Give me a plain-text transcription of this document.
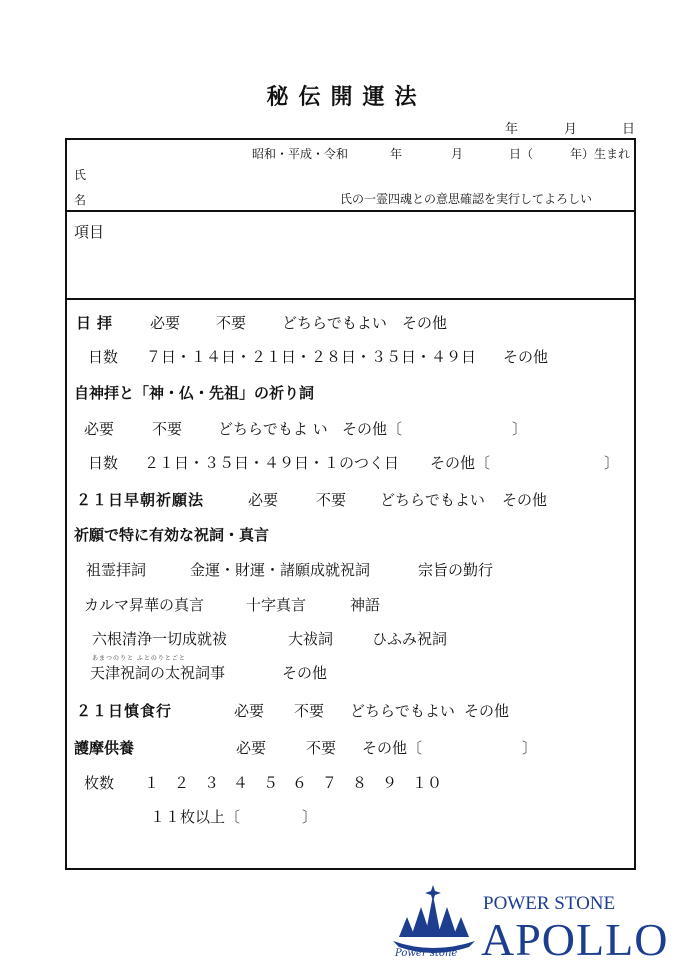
秘伝開運法
年	月	日
昭和・平成・令和	年	月	日（	年）生まれ
氏
名	氏の一霊四魂との意思確認を実行してよろしい
項目
日拝 必要 不要 どちらでもよい その他
日数 ７日・１４日・２１日・２８日・３５日・４９日 その他
自神拝と「神・仏・先祖」の祈り詞
必要	不要 どちらでもよ い その他〔	〕
日数 ２１日・３５日・４９日・１のつく日 その他〔	〕
２１日早朝祈願法	必要	不要 どちらでもよい その他
祈願で特に有効な祝詞・真言
祖霊拝詞	金運・財運・諸願成就祝詞	宗旨の勤行
カルマ昇華の真言	十字真言	神語
六根清浄一切成就祓	大祓詞	ひふみ祝詞
あまつのりと ふとのりとごと
天津祝詞の太祝詞事	その他
２１日慎食行	必要 不要 どちらでもよい その他
護摩供養	必要	不要 その他〔	〕
枚数 １ ２ ３ ４ ５ ６ ７ ８ ９ １０
１１枚以上〔	〕
Power stone
POWER STONE
APOLLO
